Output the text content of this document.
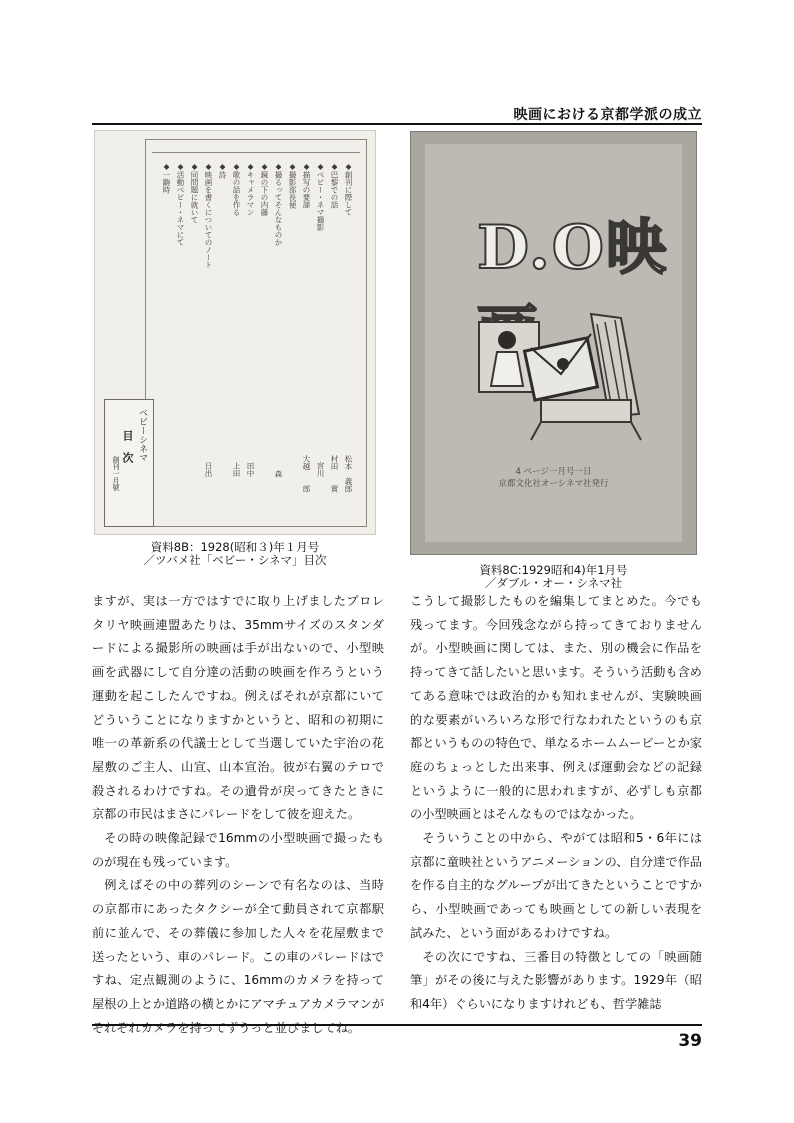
映画における京都学派の成立
◆創刊に際して
松本　義郎
◆巴黎での話
村田　　實
◆ベビー・ネマ撮影
宮川　　
◆描写の要諦
大越　　郎
◆撮影部長便
◆撮るってそんなものか
森　　
◆鏡の下の内藤
◆キャメラマン
田中　　
◆歌の話を作る
上田　　
◆詩
◆映画を書くについてのノート
日出　　
◆同問題に就いて
◆活動ベビー・ネマにて
◆一齣時
ベビーシネマ
目　次
創刊一月號
資料8B：1928(昭和３)年１月号
／ツバメ社「ベビー・シネマ」目次
D.O映
4 ページ一月号一日
京都文化社オーシネマ社発行
資料8C:1929昭和4)年1月号
／ダブル・オー・シネマ社

ますが、実は一方ではすでに取り上げましたプロレタリヤ映画連盟あたりは、35mmサイズのスタンダードによる撮影所の映画は手が出ないので、小型映画を武器にして自分達の活動の映画を作ろうという運動を起こしたんですね。例えばそれが京都にいてどういうことになりますかというと、昭和の初期に唯一の革新系の代議士として当選していた宇治の花屋敷のご主人、山宣、山本宣治。彼が右翼のテロで殺されるわけですね。その遺骨が戻ってきたときに京都の市民はまさにパレードをして彼を迎えた。

その時の映像記録で16mmの小型映画で撮ったものが現在も残っています。

例えばその中の葬列のシーンで有名なのは、当時の京都市にあったタクシーが全て動員されて京都駅前に並んで、その葬儀に参加した人々を花屋敷まで送ったという、車のパレード。この車のパレードはですね、定点観測のように、16mmのカメラを持って屋根の上とか道路の横とかにアマチュアカメラマンがそれぞれカメラを持ってずうっと並びましてね。

こうして撮影したものを編集してまとめた。今でも残ってます。今回残念ながら持ってきておりませんが。小型映画に関しては、また、別の機会に作品を持ってきて話したいと思います。そういう活動も含めてある意味では政治的かも知れませんが、実験映画的な要素がいろいろな形で行なわれたというのも京都というものの特色で、単なるホームムービーとか家庭のちょっとした出来事、例えば運動会などの記録というように一般的に思われますが、必ずしも京都の小型映画とはそんなものではなかった。

そういうことの中から、やがては昭和5・6年には京都に童映社というアニメーションの、自分達で作品を作る自主的なグループが出てきたということですから、小型映画であっても映画としての新しい表現を試みた、という面があるわけですね。

その次にですね、三番目の特徴としての「映画随筆」がその後に与えた影響があります。1929年（昭和4年）ぐらいになりますけれども、哲学雑誌

39
